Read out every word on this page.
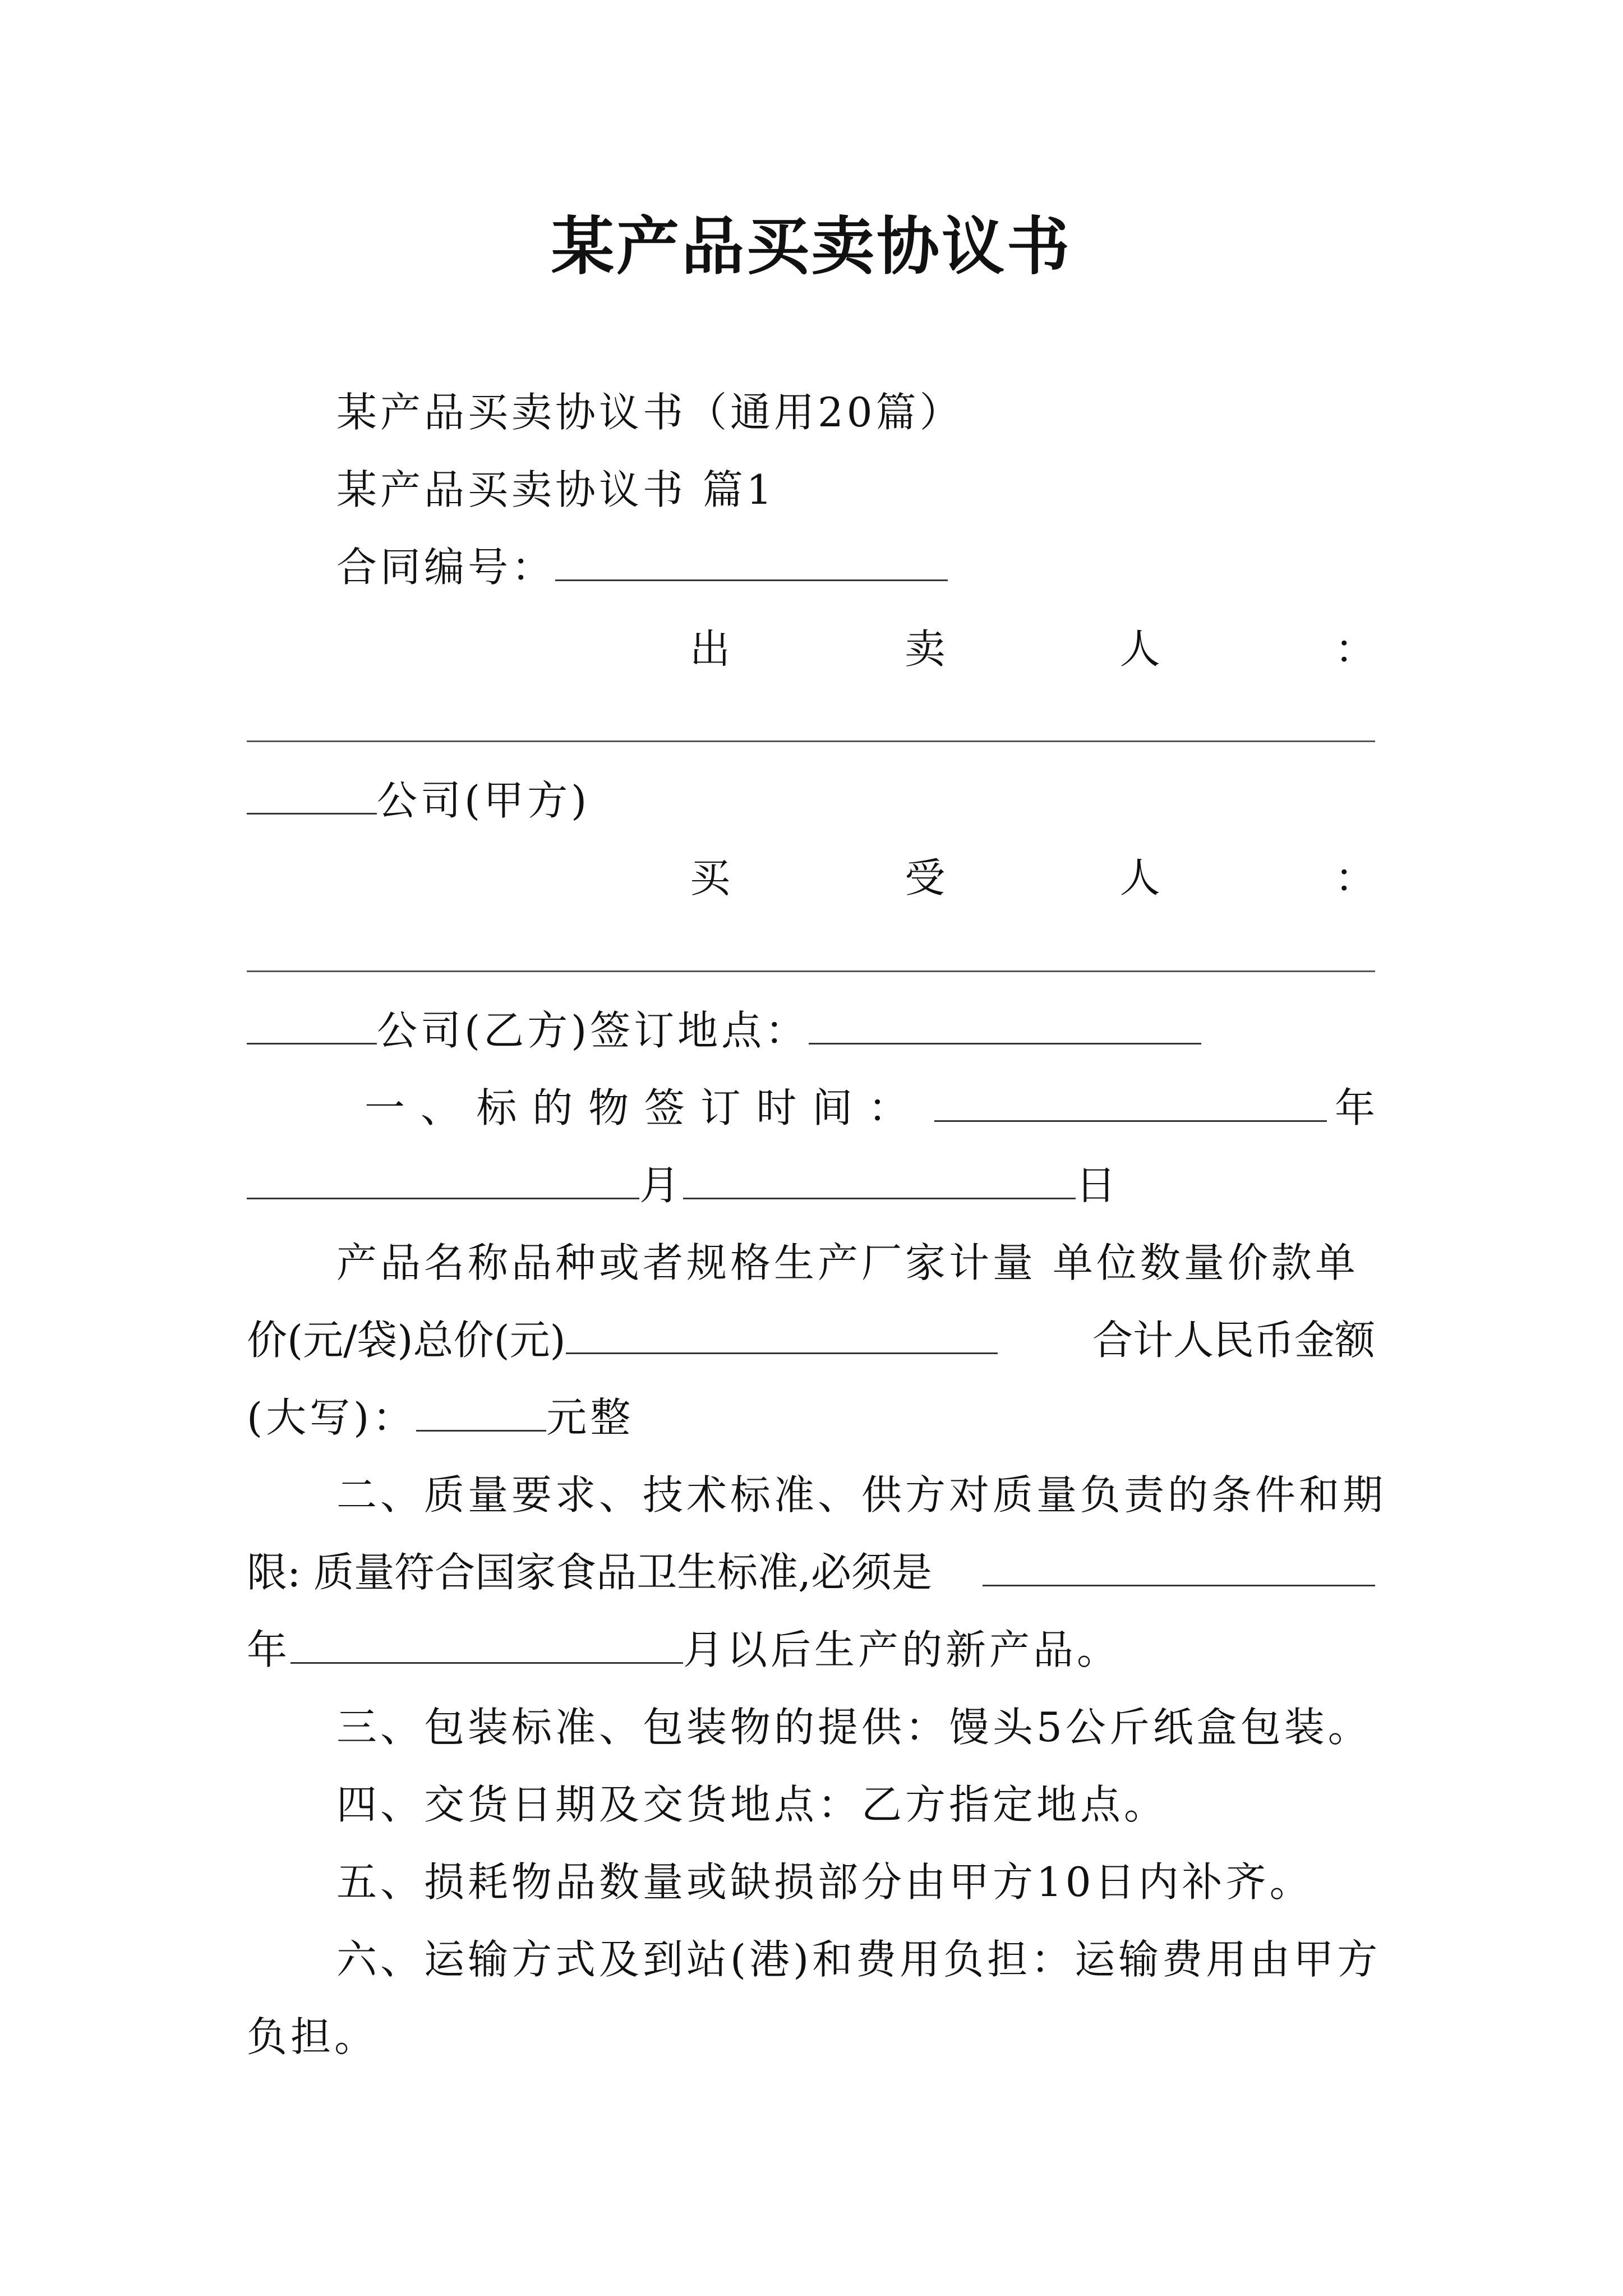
某产品买卖协议书
某产品买卖协议书（通用20篇）
某产品买卖协议书 篇1
合同编号：
出	卖	人	：
公司(甲方)
买	受	人	：
公司(乙方)签订地点：
一 、 标 的 物 签 订 时 间 ：	年
月	日
产品名称品种或者规格生产厂家计量 单位数量价款单
价(元/袋)总价(元)	合计人民币金额
(大写)：	元整
二、质量要求、技术标准、供方对质量负责的条件和期
限: 质量符合国家食品卫生标准,必须是
年	月以后生产的新产品。
三、包装标准、包装物的提供：馒头5公斤纸盒包装。
四、交货日期及交货地点：乙方指定地点。
五、损耗物品数量或缺损部分由甲方10日内补齐。
六、运输方式及到站(港)和费用负担：运输费用由甲方
负担。
